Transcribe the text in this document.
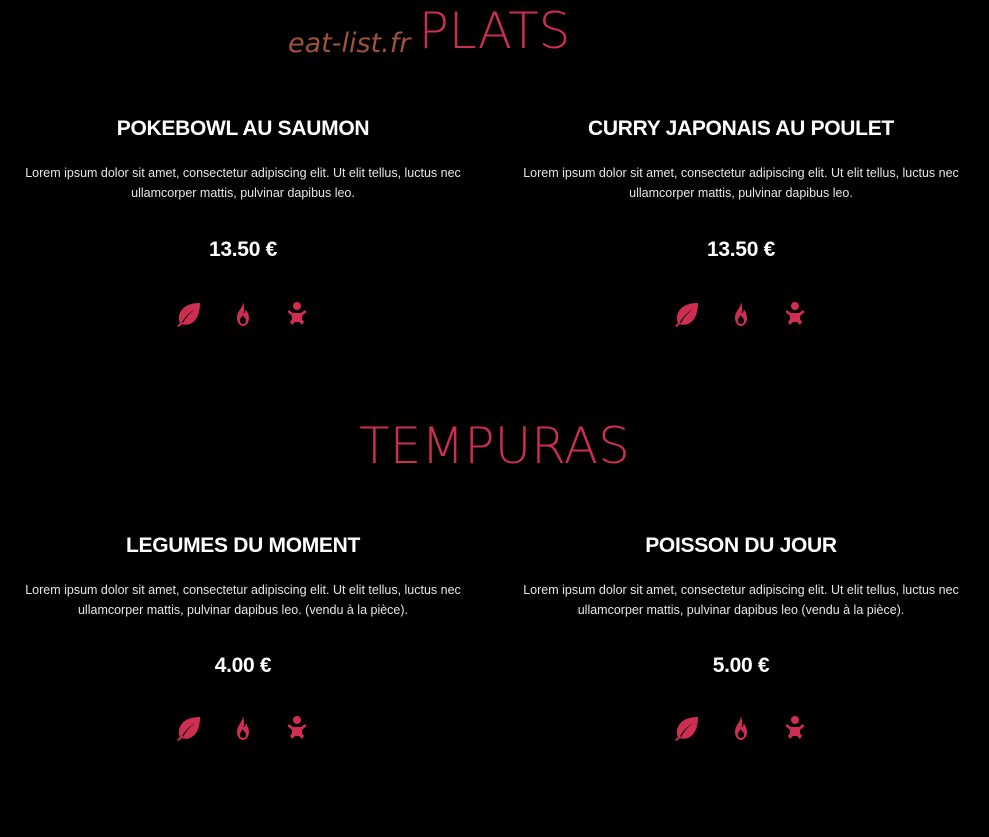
eat-list.fr PLATS
POKEBOWL AU SAUMON

Lorem ipsum dolor sit amet, consectetur adipiscing elit. Ut elit tellus, luctus nec
ullamcorper mattis, pulvinar dapibus leo.

13.50 €
CURRY JAPONAIS AU POULET

Lorem ipsum dolor sit amet, consectetur adipiscing elit. Ut elit tellus, luctus nec
ullamcorper mattis, pulvinar dapibus leo.

13.50 €
TEMPURAS
LEGUMES DU MOMENT

Lorem ipsum dolor sit amet, consectetur adipiscing elit. Ut elit tellus, luctus nec
ullamcorper mattis, pulvinar dapibus leo. (vendu à la pièce).

4.00 €
POISSON DU JOUR

Lorem ipsum dolor sit amet, consectetur adipiscing elit. Ut elit tellus, luctus nec
ullamcorper mattis, pulvinar dapibus leo (vendu à la pièce).

5.00 €
